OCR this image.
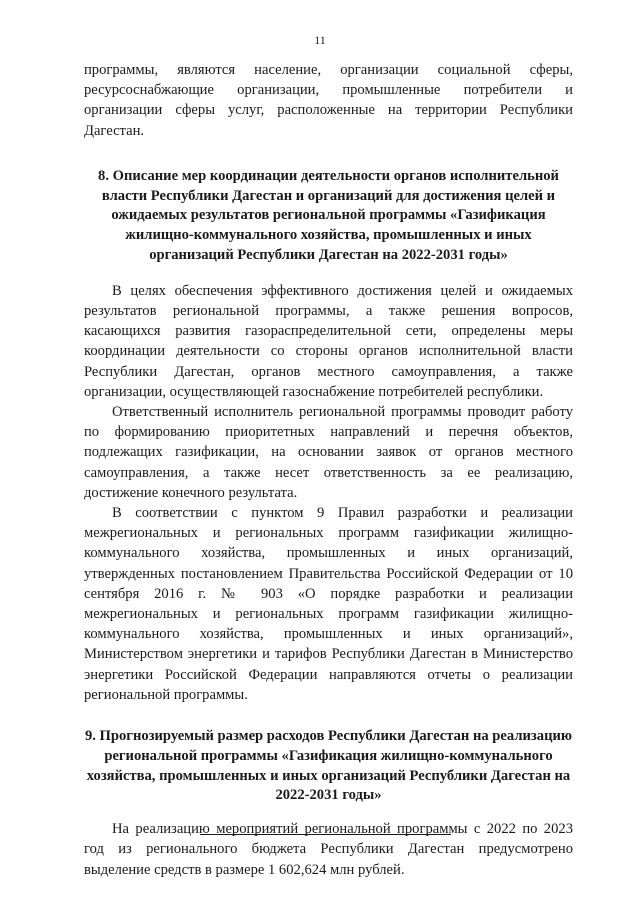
11

программы, являются население, организации социальной сферы, ресурсоснабжающие организации, промышленные потребители и организации сферы услуг, расположенные на территории Республики Дагестан.

8. Описание мер координации деятельности органов исполнительной власти Республики Дагестан и организаций для достижения целей и ожидаемых результатов региональной программы «Газификация жилищно-коммунального хозяйства, промышленных и иных организаций Республики Дагестан на 2022-2031 годы»

В целях обеспечения эффективного достижения целей и ожидаемых результатов региональной программы, а также решения вопросов, касающихся развития газораспределительной сети, определены меры координации деятельности со стороны органов исполнительной власти Республики Дагестан, органов местного самоуправления, а также организации, осуществляющей газоснабжение потребителей республики.

Ответственный исполнитель региональной программы проводит работу по формированию приоритетных направлений и перечня объектов, подлежащих газификации, на основании заявок от органов местного самоуправления, а также несет ответственность за ее реализацию, достижение конечного результата.

В соответствии с пунктом 9 Правил разработки и реализации межрегиональных и региональных программ газификации жилищно-коммунального хозяйства, промышленных и иных организаций, утвержденных постановлением Правительства Российской Федерации от 10 сентября 2016 г. № 903 «О порядке разработки и реализации межрегиональных и региональных программ газификации жилищно-коммунального хозяйства, промышленных и иных организаций», Министерством энергетики и тарифов Республики Дагестан в Министерство энергетики Российской Федерации направляются отчеты о реализации региональной программы.

9. Прогнозируемый размер расходов Республики Дагестан на реализацию региональной программы «Газификация жилищно-коммунального хозяйства, промышленных и иных организаций Республики Дагестан на 2022-2031 годы»

На реализацию мероприятий региональной программы с 2022 по 2023 год из регионального бюджета Республики Дагестан предусмотрено выделение средств в размере 1 602,624 млн рублей.
